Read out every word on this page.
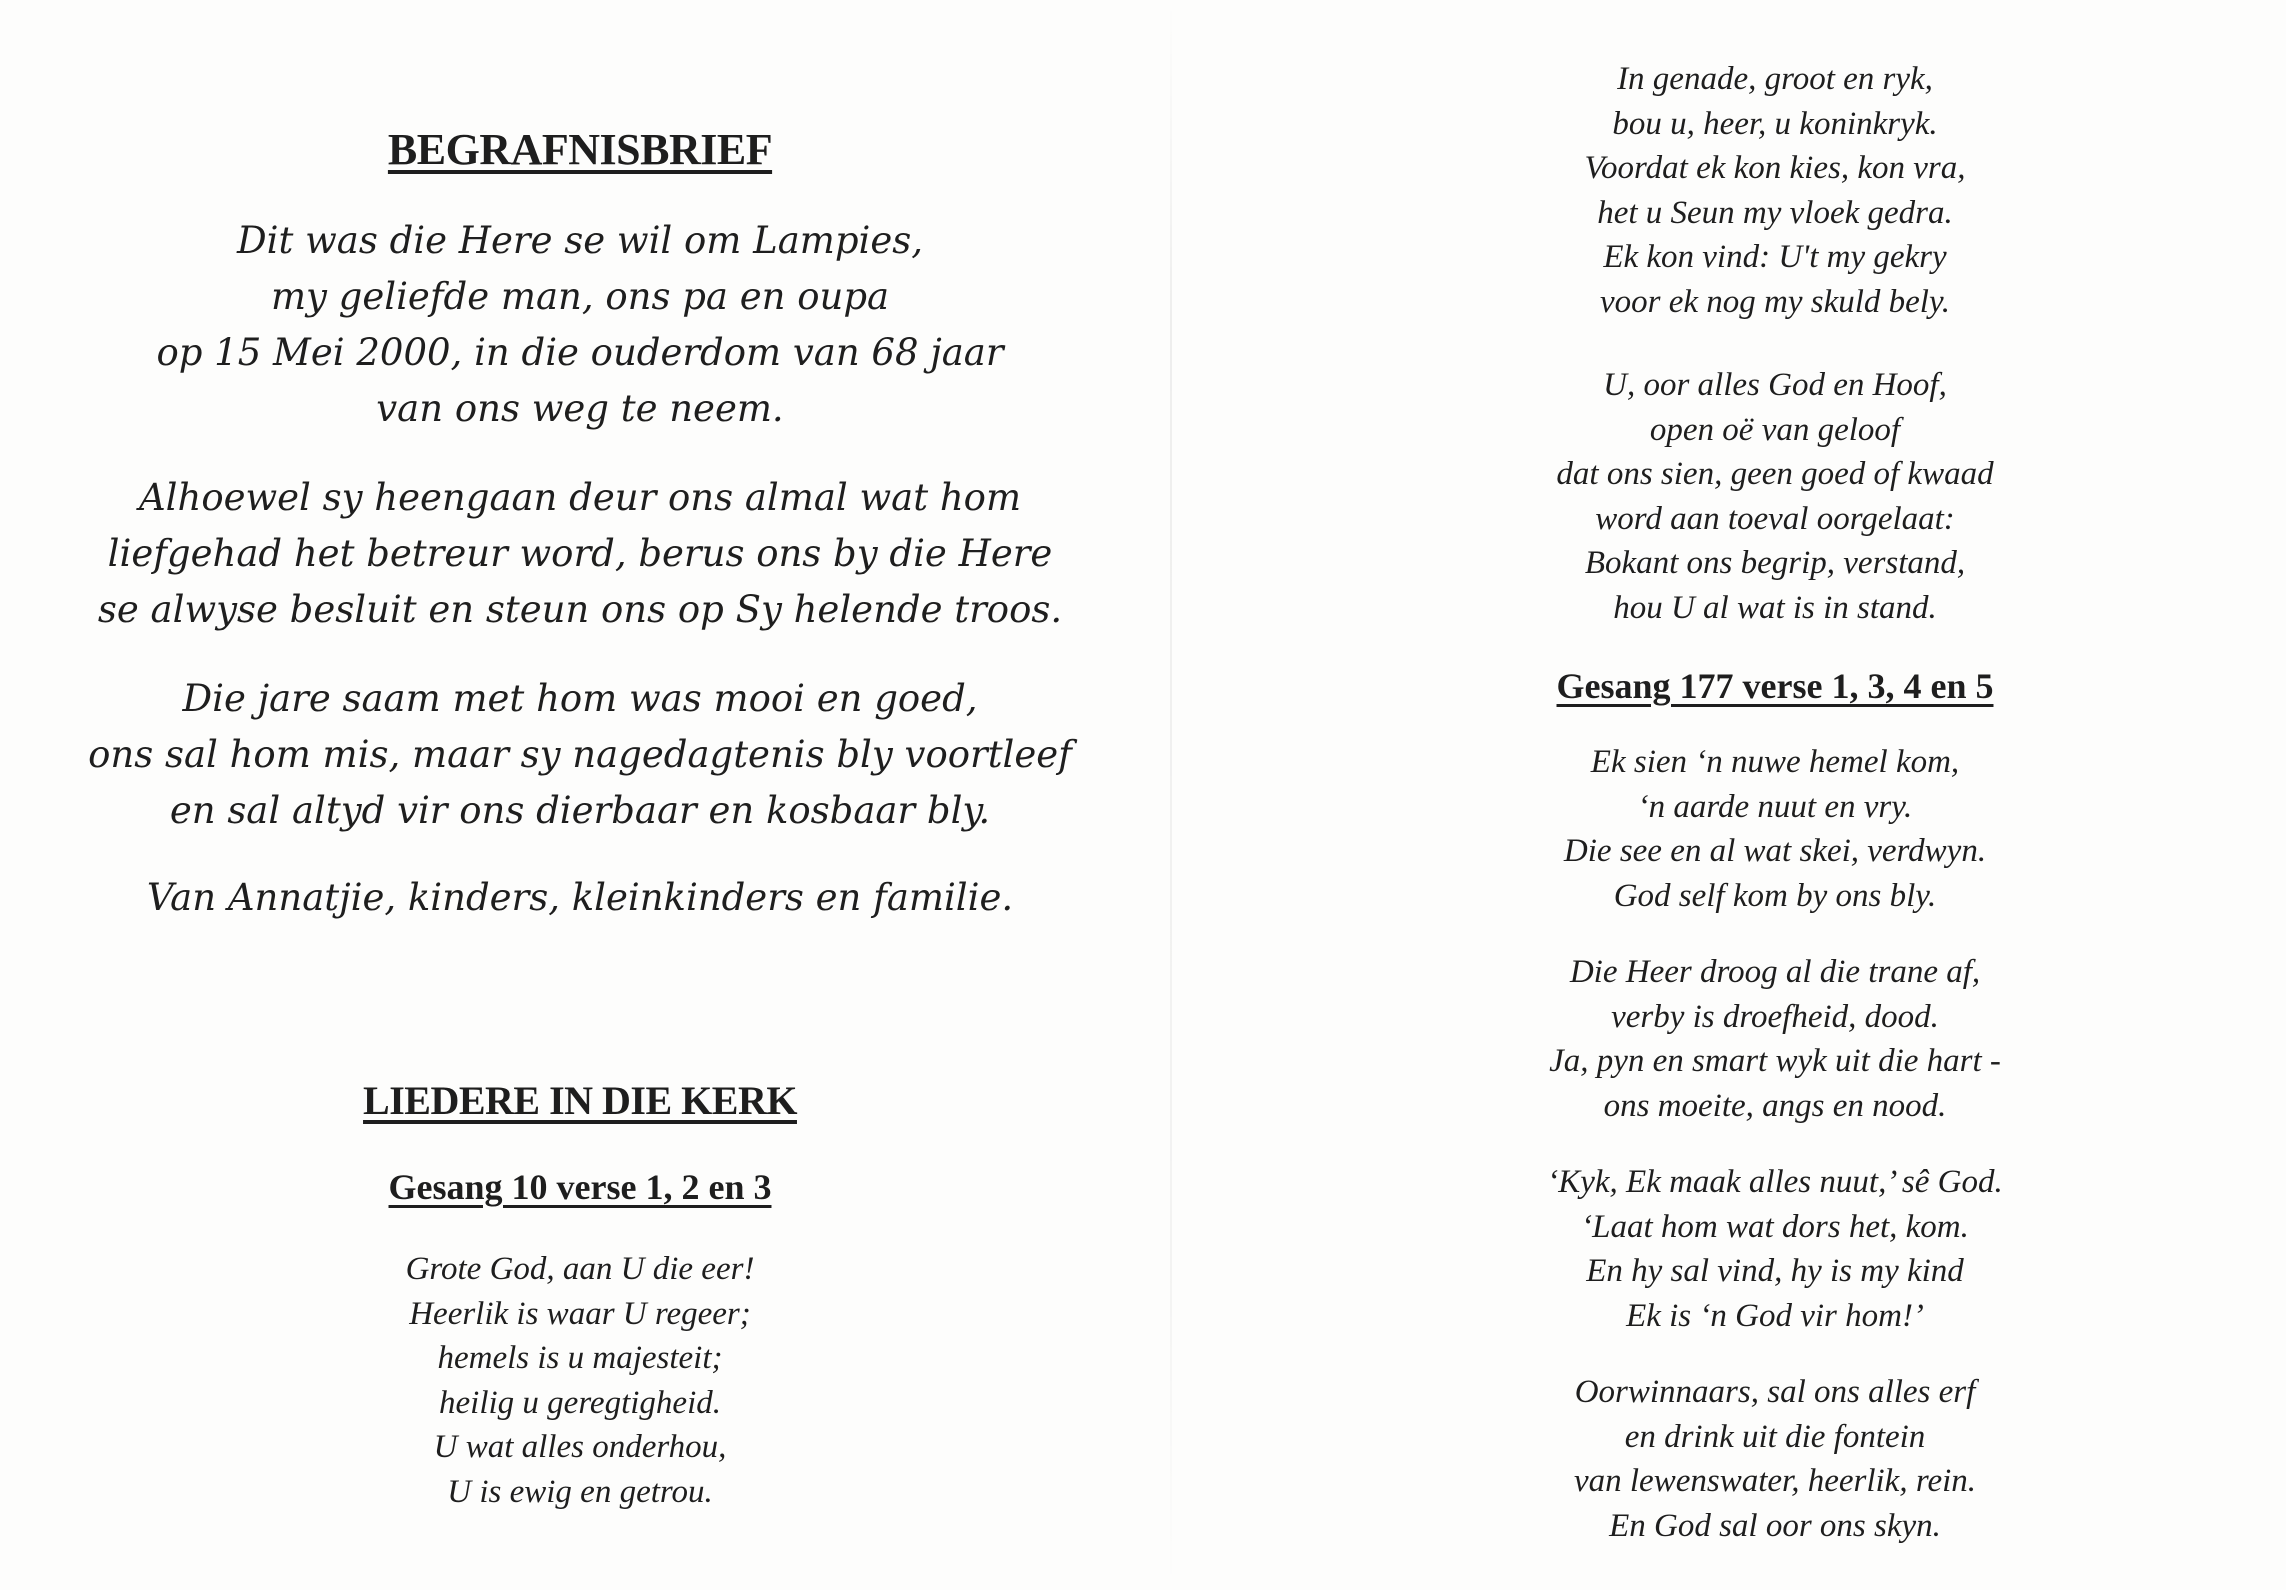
BEGRAFNISBRIEF
Dit was die Here se wil om Lampies,
my geliefde man, ons pa en oupa
op 15 Mei 2000, in die ouderdom van 68 jaar
van ons weg te neem.
Alhoewel sy heengaan deur ons almal wat hom
liefgehad het betreur word, berus ons by die Here
se alwyse besluit en steun ons op Sy helende troos.
Die jare saam met hom was mooi en goed,
ons sal hom mis, maar sy nagedagtenis bly voortleef
en sal altyd vir ons dierbaar en kosbaar bly.
Van Annatjie, kinders, kleinkinders en familie.
LIEDERE IN DIE KERK
Gesang 10 verse 1, 2 en 3
Grote God, aan U die eer!
Heerlik is waar U regeer;
hemels is u majesteit;
heilig u geregtigheid.
U wat alles onderhou,
U is ewig en getrou.
In genade, groot en ryk,
bou u, heer, u koninkryk.
Voordat ek kon kies, kon vra,
het u Seun my vloek gedra.
Ek kon vind: U't my gekry
voor ek nog my skuld bely.
U, oor alles God en Hoof,
open oë van geloof
dat ons sien, geen goed of kwaad
word aan toeval oorgelaat:
Bokant ons begrip, verstand,
hou U al wat is in stand.
Gesang 177 verse 1, 3, 4 en 5
Ek sien ‘n nuwe hemel kom,
‘n aarde nuut en vry.
Die see en al wat skei, verdwyn.
God self kom by ons bly.
Die Heer droog al die trane af,
verby is droefheid, dood.
Ja, pyn en smart wyk uit die hart -
ons moeite, angs en nood.
‘Kyk, Ek maak alles nuut,’ sê God.
‘Laat hom wat dors het, kom.
En hy sal vind, hy is my kind
Ek is ‘n God vir hom!’
Oorwinnaars, sal ons alles erf
en drink uit die fontein
van lewenswater, heerlik, rein.
En God sal oor ons skyn.
